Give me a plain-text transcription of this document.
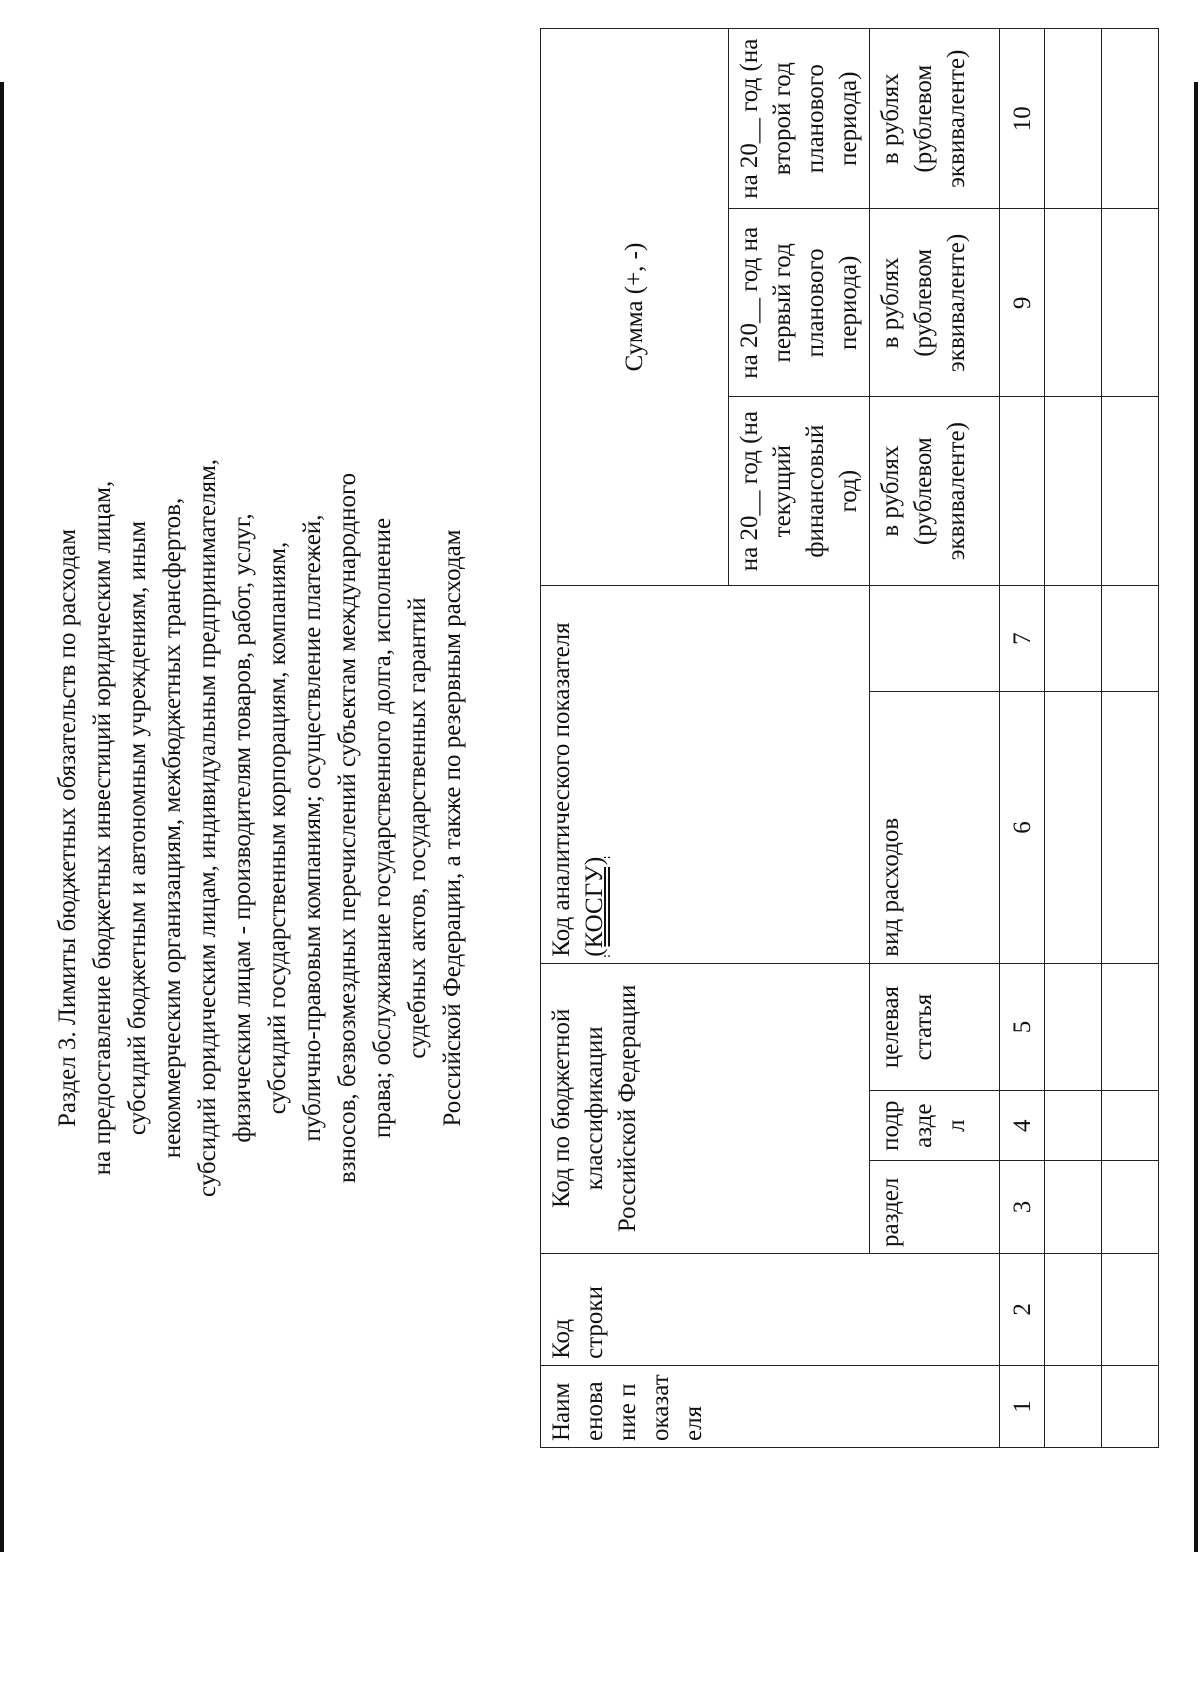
Раздел 3. Лимиты бюджетных обязательств по расходам на предоставление бюджетных инвестиций юридическим лицам, субсидий бюджетным и автономным учреждениям, иным некоммерческим организациям, межбюджетных трансфертов, субсидий юридическим лицам, индивидуальным предпринимателям, физическим лицам - производителям товаров, работ, услуг, субсидий государственным корпорациям, компаниям, публично-правовым компаниям; осуществление платежей, взносов, безвозмездных перечислений субъектам международного права; обслуживание государственного долга, исполнение судебных актов, государственных гарантий Российской Федерации, а также по резервным расходам
Наименование показателя	Код строки	Код по бюджетной классификации Российской Федерации			Код аналитического показателя (КОСГУ)		Сумма (+, -)		
							на 20__ год (на текущий финансовый год)	на 20__ год на первый год планового периода)	на 20__ год (на второй год планового периода)
		раздел	подраздел	целевая статья	вид расходов		в рублях (рублевом эквиваленте)	в рублях (рублевом эквиваленте)	в рублях (рублевом эквиваленте)
1	2	3	4	5	6	7		9	10
